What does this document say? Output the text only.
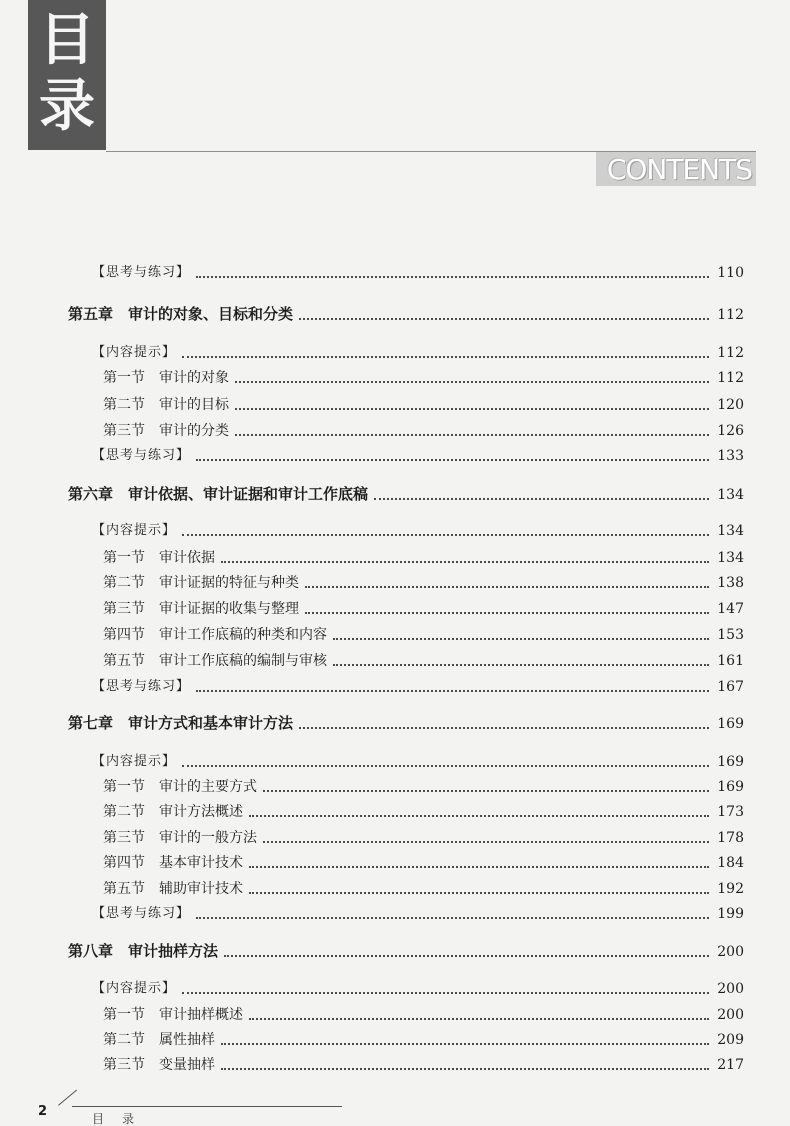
目
录
CONTENTS
【思考与练习】	110
第五章　审计的对象、目标和分类	112
【内容提示】	112
第一节　审计的对象	112
第二节　审计的目标	120
第三节　审计的分类	126
【思考与练习】	133
第六章　审计依据、审计证据和审计工作底稿	134
【内容提示】	134
第一节　审计依据	134
第二节　审计证据的特征与种类	138
第三节　审计证据的收集与整理	147
第四节　审计工作底稿的种类和内容	153
第五节　审计工作底稿的编制与审核	161
【思考与练习】	167
第七章　审计方式和基本审计方法	169
【内容提示】	169
第一节　审计的主要方式	169
第二节　审计方法概述	173
第三节　审计的一般方法	178
第四节　基本审计技术	184
第五节　辅助审计技术	192
【思考与练习】	199
第八章　审计抽样方法	200
【内容提示】	200
第一节　审计抽样概述	200
第二节　属性抽样	209
第三节　变量抽样	217
2	目录
